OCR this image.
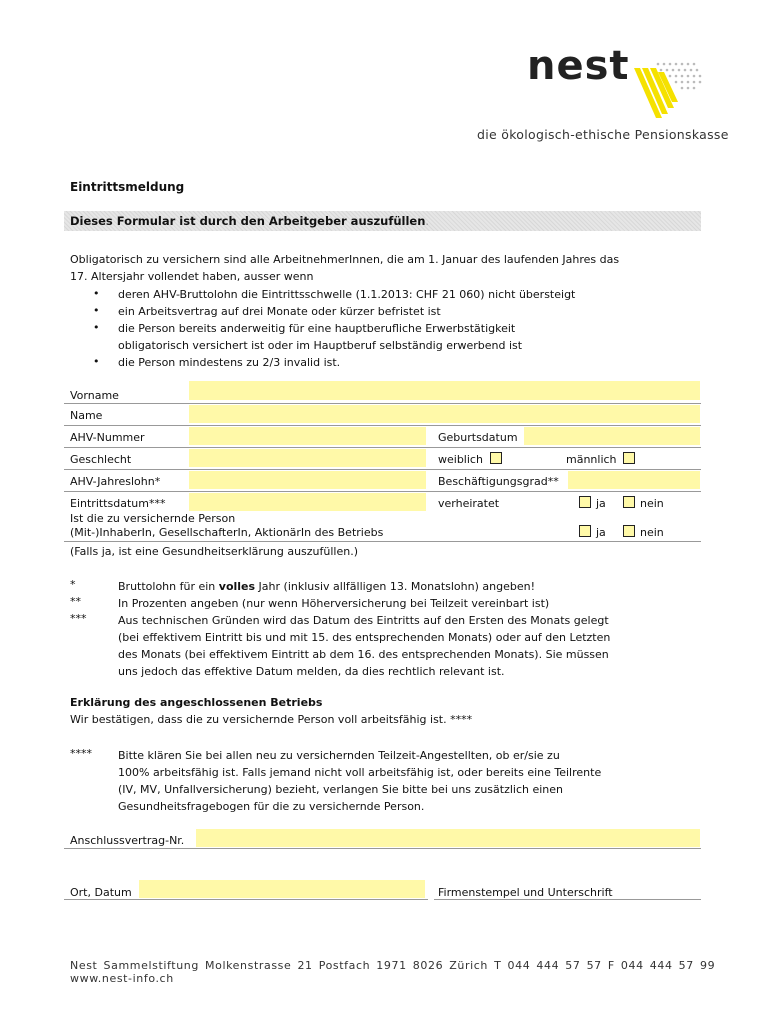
nest
die ökologisch-ethische Pensionskasse
Eintrittsmeldung
Dieses Formular ist durch den Arbeitgeber auszufüllen.
Obligatorisch zu versichern sind alle ArbeitnehmerInnen, die am 1. Januar des laufenden Jahres das
17. Altersjahr vollendet haben, ausser wenn
• deren AHV-Bruttolohn die Eintrittsschwelle (1.1.2013: CHF 21 060) nicht übersteigt
• ein Arbeitsvertrag auf drei Monate oder kürzer befristet ist
• die Person bereits anderweitig für eine hauptberufliche Erwerbstätigkeit
obligatorisch versichert ist oder im Hauptberuf selbständig erwerbend ist
• die Person mindestens zu 2/3 invalid ist.
Vorname
Name
AHV-Nummer	Geburtsdatum
Geschlecht	weiblich	männlich
AHV-Jahreslohn*	Beschäftigungsgrad**
Eintrittsdatum***	verheiratet	ja	nein
Ist die zu versichernde Person
(Mit-)InhaberIn, GesellschafterIn, AktionärIn des Betriebs	ja	nein
(Falls ja, ist eine Gesundheitserklärung auszufüllen.)
*	Bruttolohn für ein volles Jahr (inklusiv allfälligen 13. Monatslohn) angeben!
**	In Prozenten angeben (nur wenn Höherversicherung bei Teilzeit vereinbart ist)
***	Aus technischen Gründen wird das Datum des Eintritts auf den Ersten des Monats gelegt
(bei effektivem Eintritt bis und mit 15. des entsprechenden Monats) oder auf den Letzten
des Monats (bei effektivem Eintritt ab dem 16. des entsprechenden Monats). Sie müssen
uns jedoch das effektive Datum melden, da dies rechtlich relevant ist.
Erklärung des angeschlossenen Betriebs
Wir bestätigen, dass die zu versichernde Person voll arbeitsfähig ist. ****
**** Bitte klären Sie bei allen neu zu versichernden Teilzeit-Angestellten, ob er/sie zu
100% arbeitsfähig ist. Falls jemand nicht voll arbeitsfähig ist, oder bereits eine Teilrente
(IV, MV, Unfallversicherung) bezieht, verlangen Sie bitte bei uns zusätzlich einen
Gesundheitsfragebogen für die zu versichernde Person.
Anschlussvertrag-Nr.
Ort, Datum	Firmenstempel und Unterschrift
Nest Sammelstiftung Molkenstrasse 21 Postfach 1971 8026 Zürich T 044 444 57 57 F 044 444 57 99 www.nest-info.ch
